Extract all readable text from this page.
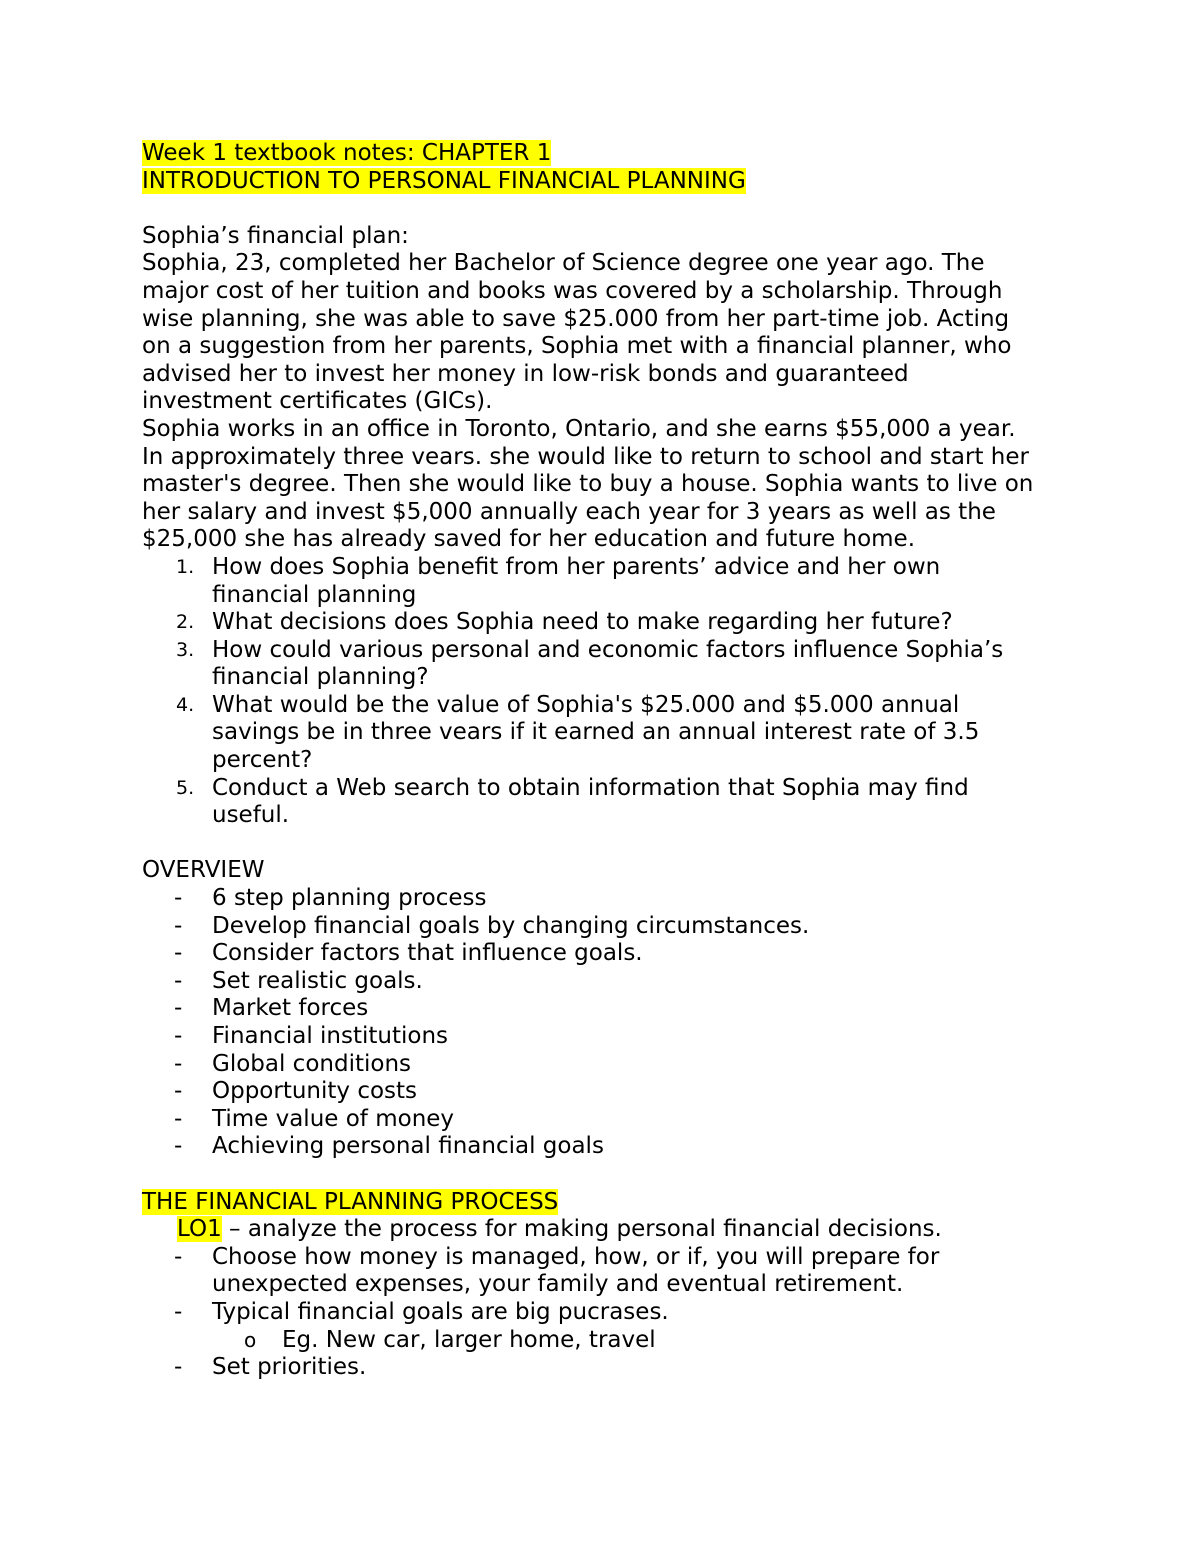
Week 1 textbook notes: CHAPTER 1
INTRODUCTION TO PERSONAL FINANCIAL PLANNING
Sophia’s financial plan:
Sophia, 23, completed her Bachelor of Science degree one year ago. The
major cost of her tuition and books was covered by a scholarship. Through
wise planning, she was able to save $25.000 from her part-time job. Acting
on a suggestion from her parents, Sophia met with a financial planner, who
advised her to invest her money in low-risk bonds and guaranteed
investment certificates (GICs).
Sophia works in an office in Toronto, Ontario, and she earns $55,000 a year.
In approximately three vears. she would like to return to school and start her
master's degree. Then she would like to buy a house. Sophia wants to live on
her salary and invest $5,000 annually each year for 3 years as well as the
$25,000 she has already saved for her education and future home.
1. How does Sophia benefit from her parents’ advice and her own
financial planning
2. What decisions does Sophia need to make regarding her future?
3. How could various personal and economic factors influence Sophia’s
financial planning?
4. What would be the value of Sophia's $25.000 and $5.000 annual
savings be in three vears if it earned an annual interest rate of 3.5
percent?
5. Conduct a Web search to obtain information that Sophia may find
useful.
OVERVIEW
- 6 step planning process
- Develop financial goals by changing circumstances.
- Consider factors that influence goals.
- Set realistic goals.
- Market forces
- Financial institutions
- Global conditions
- Opportunity costs
- Time value of money
- Achieving personal financial goals
THE FINANCIAL PLANNING PROCESS
LO1 – analyze the process for making personal financial decisions.
- Choose how money is managed, how, or if, you will prepare for
unexpected expenses, your family and eventual retirement.
- Typical financial goals are big pucrases.
o Eg. New car, larger home, travel
- Set priorities.
